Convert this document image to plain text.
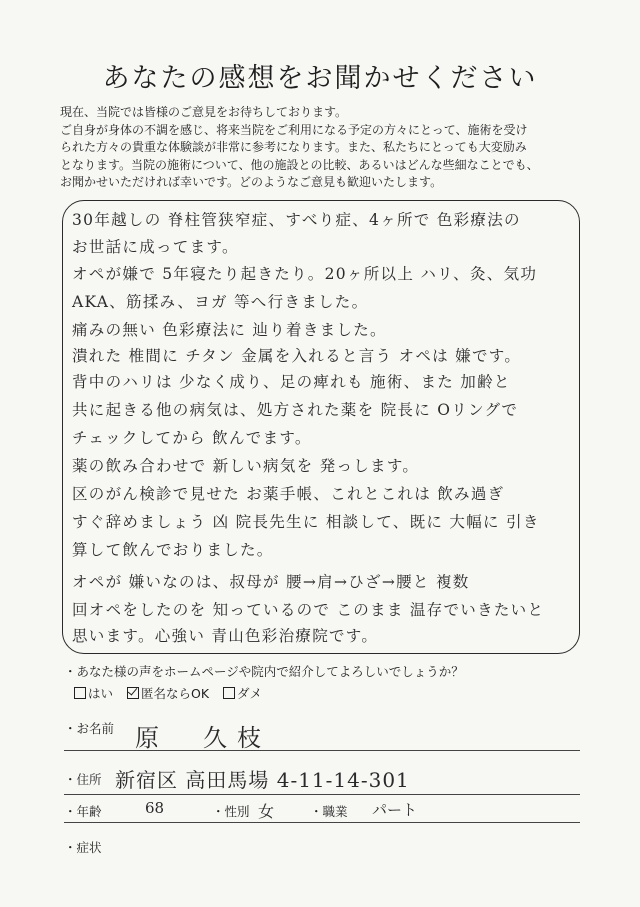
あなたの感想をお聞かせください
現在、当院では皆様のご意見をお待ちしております。
ご自身が身体の不調を感じ、将来当院をご利用になる予定の方々にとって、施術を受け
られた方々の貴重な体験談が非常に参考になります。また、私たちにとっても大変励み
となります。当院の施術について、他の施設との比較、あるいはどんな些細なことでも、
お聞かせいただければ幸いです。どのようなご意見も歓迎いたします。
30年越しの 脊柱管狭窄症、すべり症、4ヶ所で 色彩療法の
お世話に成ってます。
オペが嫌で 5年寝たり起きたり。20ヶ所以上 ハリ、灸、気功
AKA、筋揉み、ヨガ 等へ行きました。
痛みの無い 色彩療法に 辿り着きました。
潰れた 椎間に チタン 金属を入れると言う オペは 嫌です。
背中のハリは 少なく成り、足の痺れも 施術、また 加齢と
共に起きる他の病気は、処方された薬を 院長に Oリングで
チェックしてから 飲んでます。
薬の飲み合わせで 新しい病気を 発っします。
区のがん検診で見せた お薬手帳、これとこれは 飲み過ぎ
すぐ辞めましょう 凶 院長先生に 相談して、既に 大幅に 引き
算して飲んでおりました。
オペが 嫌いなのは、叔母が 腰→肩→ひざ→腰と 複数
回オペをしたのを 知っているので このまま 温存でいきたいと
思います。心強い 青山色彩治療院です。
・あなた様の声をホームページや院内で紹介してよろしいでしょうか？
はい 匿名ならOK ダメ
・お名前 原　久枝
・住所 新宿区 高田馬場 4-11-14-301
・年齢	68	・性別 女	・職業 パート
・症状
